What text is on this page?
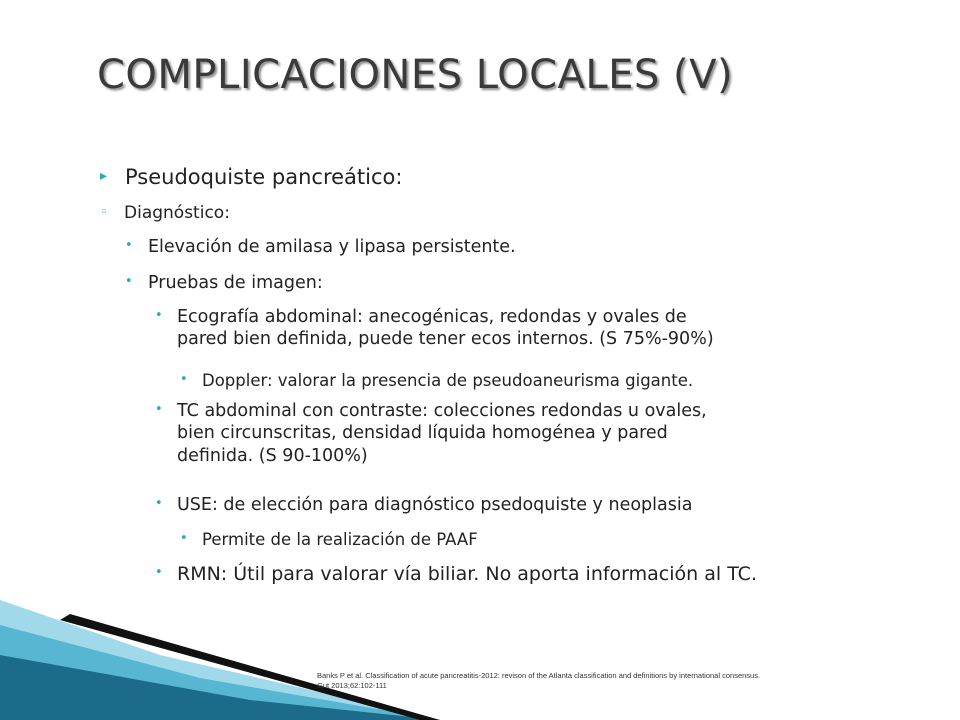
COMPLICACIONES LOCALES (V)
▸ Pseudoquiste pancreático:
◦ Diagnóstico:
• Elevación de amilasa y lipasa persistente.
• Pruebas de imagen:
• Ecografía abdominal: anecogénicas, redondas y ovales de
pared bien definida, puede tener ecos internos. (S 75%-90%)
• Doppler: valorar la presencia de pseudoaneurisma gigante.
• TC abdominal con contraste: colecciones redondas u ovales,
bien circunscritas, densidad líquida homogénea y pared
definida. (S 90-100%)
• USE: de elección para diagnóstico psedoquiste y neoplasia
• Permite de la realización de PAAF
• RMN: Útil para valorar vía biliar. No aporta información al TC.
Banks P et al. Classification of acute pancreatitis-2012: revison of the Atlanta classification and definitions by international consensus.
Gut 2013;62:102-111
